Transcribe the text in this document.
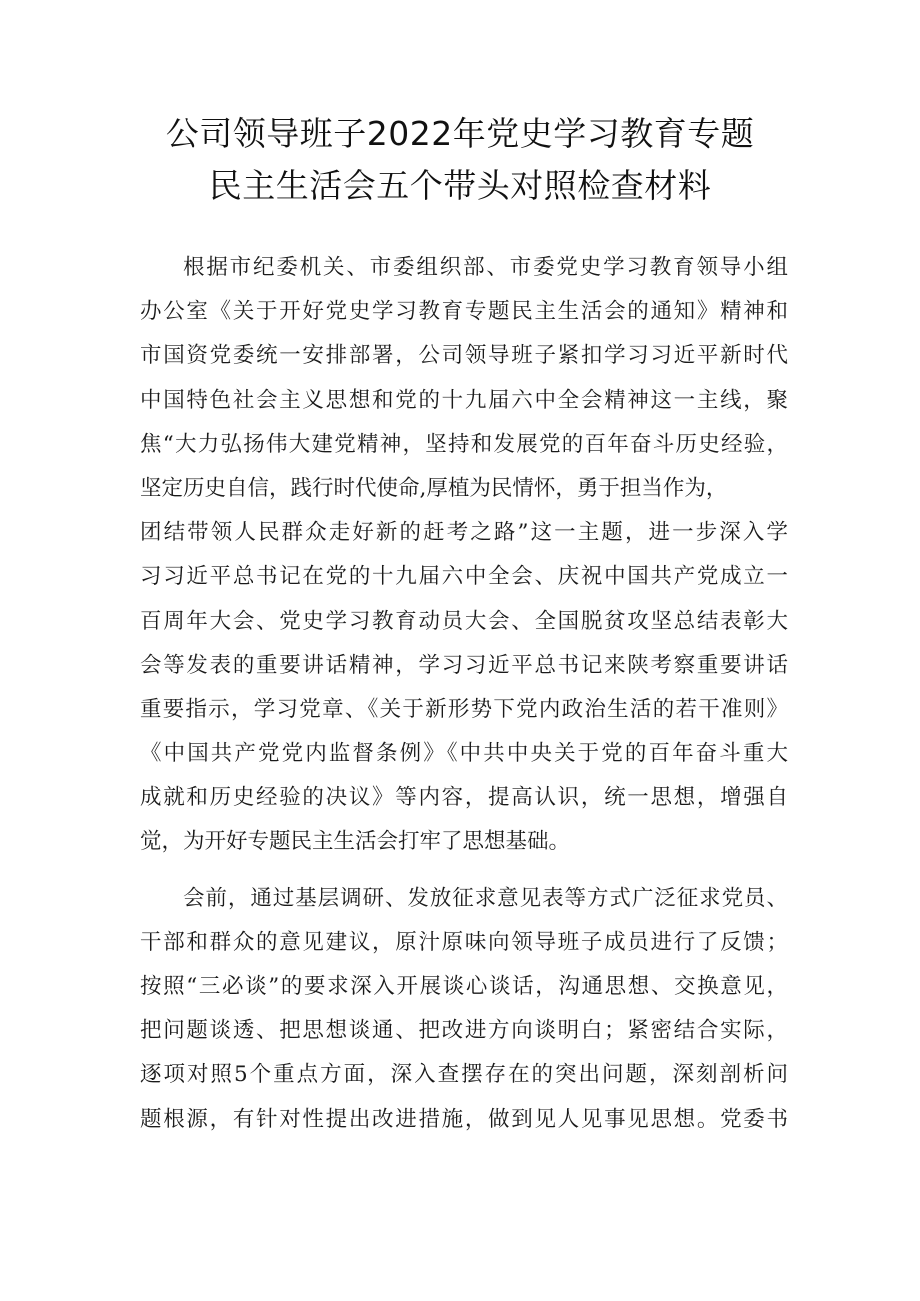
公司领导班子2022年党史学习教育专题
民主生活会五个带头对照检查材料
根据市纪委机关、市委组织部、市委党史学习教育领导小组
办公室《关于开好党史学习教育专题民主生活会的通知》精神和
市国资党委统一安排部署，公司领导班子紧扣学习习近平新时代
中国特色社会主义思想和党的十九届六中全会精神这一主线，聚
焦“大力弘扬伟大建党精神，坚持和发展党的百年奋斗历史经验，
坚定历史自信，践行时代使命,厚植为民情怀，勇于担当作为，
团结带领人民群众走好新的赶考之路”这一主题，进一步深入学
习习近平总书记在党的十九届六中全会、庆祝中国共产党成立一
百周年大会、党史学习教育动员大会、全国脱贫攻坚总结表彰大
会等发表的重要讲话精神，学习习近平总书记来陕考察重要讲话
重要指示，学习党章、《关于新形势下党内政治生活的若干准则》
《中国共产党党内监督条例》《中共中央关于党的百年奋斗重大
成就和历史经验的决议》等内容，提高认识，统一思想，增强自
觉，为开好专题民主生活会打牢了思想基础。
会前，通过基层调研、发放征求意见表等方式广泛征求党员、
干部和群众的意见建议，原汁原味向领导班子成员进行了反馈；
按照“三必谈”的要求深入开展谈心谈话，沟通思想、交换意见，
把问题谈透、把思想谈通、把改进方向谈明白；紧密结合实际，
逐项对照5个重点方面，深入查摆存在的突出问题，深刻剖析问
题根源，有针对性提出改进措施，做到见人见事见思想。党委书
